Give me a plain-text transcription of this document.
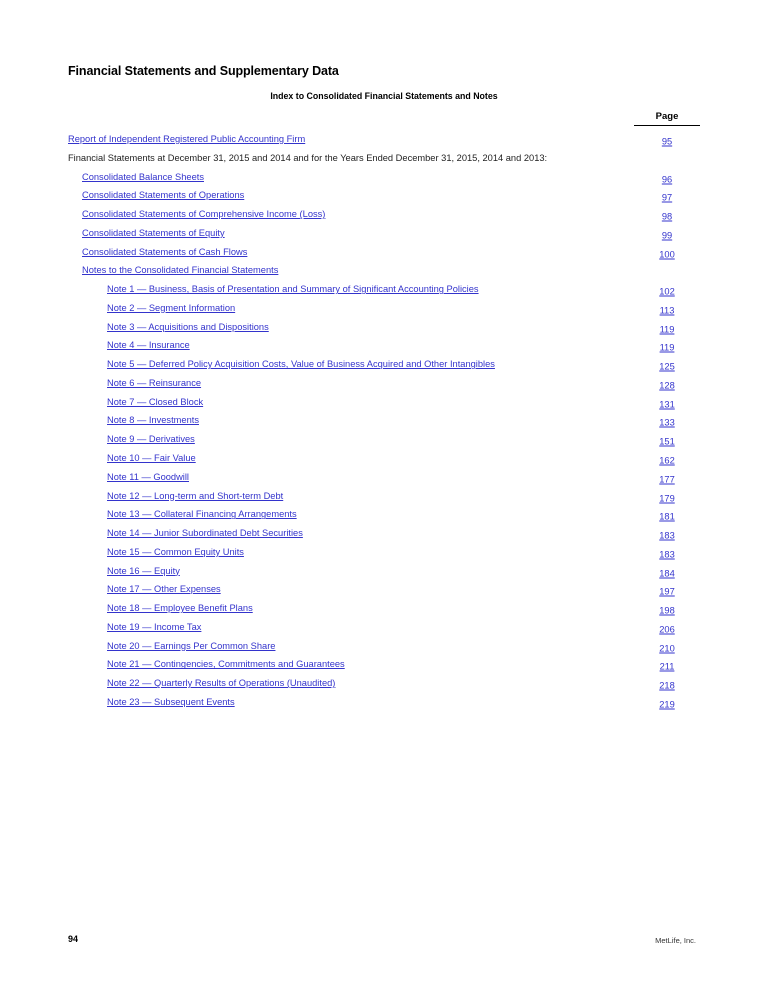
Financial Statements and Supplementary Data
Index to Consolidated Financial Statements and Notes
Page
Report of Independent Registered Public Accounting Firm	95
Financial Statements at December 31, 2015 and 2014 and for the Years Ended December 31, 2015, 2014 and 2013:
Consolidated Balance Sheets	96
Consolidated Statements of Operations	97
Consolidated Statements of Comprehensive Income (Loss)	98
Consolidated Statements of Equity	99
Consolidated Statements of Cash Flows	100
Notes to the Consolidated Financial Statements
Note 1 — Business, Basis of Presentation and Summary of Significant Accounting Policies	102
Note 2 — Segment Information	113
Note 3 — Acquisitions and Dispositions	119
Note 4 — Insurance	119
Note 5 — Deferred Policy Acquisition Costs, Value of Business Acquired and Other Intangibles	125
Note 6 — Reinsurance	128
Note 7 — Closed Block	131
Note 8 — Investments	133
Note 9 — Derivatives	151
Note 10 — Fair Value	162
Note 11 — Goodwill	177
Note 12 — Long-term and Short-term Debt	179
Note 13 — Collateral Financing Arrangements	181
Note 14 — Junior Subordinated Debt Securities	183
Note 15 — Common Equity Units	183
Note 16 — Equity	184
Note 17 — Other Expenses	197
Note 18 — Employee Benefit Plans	198
Note 19 — Income Tax	206
Note 20 — Earnings Per Common Share	210
Note 21 — Contingencies, Commitments and Guarantees	211
Note 22 — Quarterly Results of Operations (Unaudited)	218
Note 23 — Subsequent Events	219
94	MetLife, Inc.
